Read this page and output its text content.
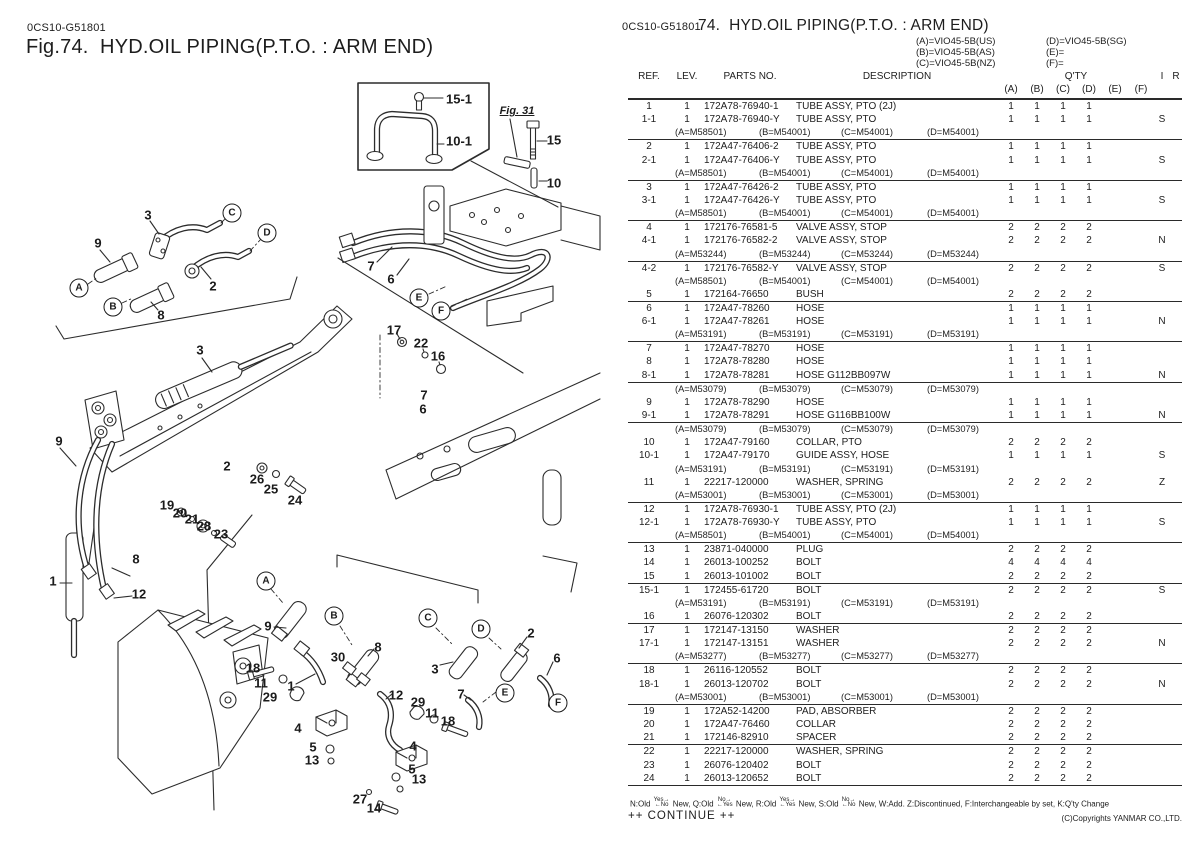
0CS10-G51801
Fig.74.  HYD.OIL PIPING(P.T.O. : ARM END)
15-1
10-1
Fig. 31
15
10
3	C
D
9
A
B
8
2
7
6
E
F
17
22
16
3
7
6
9
2
26
25
24
19
20
21
28
23
8
1
12
A
9
18
11
29
1
B
8
30
12 29
11
18
4
5
13
4
5
13
27
14
C
3
D	2
7	E
6
F
0CS10-G51801
74.  HYD.OIL PIPING(P.T.O. : ARM END)
(A)=VIO45-5B(US)
(B)=VIO45-5B(AS)
(C)=VIO45-5B(NZ)
(D)=VIO45-5B(SG)
(E)=
(F)=
REF.	LEV.	PARTS NO.	DESCRIPTION	Q'TY	I R
(A)	(B)	(C)	(D)	(E)	(F)
1	1	172A78-76940-1	TUBE ASSY, PTO (2J)	1	1	1	1
1-1	1	172A78-76940-Y	TUBE ASSY, PTO	1	1	1	1	S
(A=M58501)	(B=M54001)	(C=M54001)	(D=M54001)
2	1	172A47-76406-2	TUBE ASSY, PTO	1	1	1	1
2-1	1	172A47-76406-Y	TUBE ASSY, PTO	1	1	1	1	S
(A=M58501)	(B=M54001)	(C=M54001)	(D=M54001)
3	1	172A47-76426-2	TUBE ASSY, PTO	1	1	1	1
3-1	1	172A47-76426-Y	TUBE ASSY, PTO	1	1	1	1	S
(A=M58501)	(B=M54001)	(C=M54001)	(D=M54001)
4	1	172176-76581-5	VALVE ASSY, STOP	2	2	2	2
4-1	1	172176-76582-2	VALVE ASSY, STOP	2	2	2	2	N
(A=M53244)	(B=M53244)	(C=M53244)	(D=M53244)
4-2	1	172176-76582-Y	VALVE ASSY, STOP	2	2	2	2	S
(A=M58501)	(B=M54001)	(C=M54001)	(D=M54001)
5	1	172164-76650	BUSH	2	2	2	2
6	1	172A47-78260	HOSE	1	1	1	1
6-1	1	172A47-78261	HOSE	1	1	1	1	N
(A=M53191)	(B=M53191)	(C=M53191)	(D=M53191)
7	1	172A47-78270	HOSE	1	1	1	1
8	1	172A78-78280	HOSE	1	1	1	1
8-1	1	172A78-78281	HOSE G112BB097W	1	1	1	1	N
(A=M53079)	(B=M53079)	(C=M53079)	(D=M53079)
9	1	172A78-78290	HOSE	1	1	1	1
9-1	1	172A78-78291	HOSE G116BB100W	1	1	1	1	N
(A=M53079)	(B=M53079)	(C=M53079)	(D=M53079)
10	1	172A47-79160	COLLAR, PTO	2	2	2	2
10-1	1	172A47-79170	GUIDE ASSY, HOSE	1	1	1	1	S
(A=M53191)	(B=M53191)	(C=M53191)	(D=M53191)
11	1	22217-120000	WASHER, SPRING	2	2	2	2	Z
(A=M53001)	(B=M53001)	(C=M53001)	(D=M53001)
12	1	172A78-76930-1	TUBE ASSY, PTO (2J)	1	1	1	1
12-1	1	172A78-76930-Y	TUBE ASSY, PTO	1	1	1	1	S
(A=M58501)	(B=M54001)	(C=M54001)	(D=M54001)
13	1	23871-040000	PLUG	2	2	2	2
14	1	26013-100252	BOLT	4	4	4	4
15	1	26013-101002	BOLT	2	2	2	2
15-1	1	172455-61720	BOLT	2	2	2	2	S
(A=M53191)	(B=M53191)	(C=M53191)	(D=M53191)
16	1	26076-120302	BOLT	2	2	2	2
17	1	172147-13150	WASHER	2	2	2	2
17-1	1	172147-13151	WASHER	2	2	2	2	N
(A=M53277)	(B=M53277)	(C=M53277)	(D=M53277)
18	1	26116-120552	BOLT	2	2	2	2
18-1	1	26013-120702	BOLT	2	2	2	2	N
(A=M53001)	(B=M53001)	(C=M53001)	(D=M53001)
19	1	172A52-14200	PAD, ABSORBER	2	2	2	2
20	1	172A47-76460	COLLAR	2	2	2	2
21	1	172146-82910	SPACER	2	2	2	2
22	1	22217-120000	WASHER, SPRING	2	2	2	2
23	1	26076-120402	BOLT	2	2	2	2
24	1	26013-120652	BOLT	2	2	2	2
N:Old Yes→
←No New, Q:Old No→
←Yes New, R:Old Yes→
←Yes New, S:Old No→
←No New, W:Add. Z:Discontinued, F:Interchangeable by set, K:Q'ty Change
++ CONTINUE ++	(C)Copyrights YANMAR CO.,LTD.
